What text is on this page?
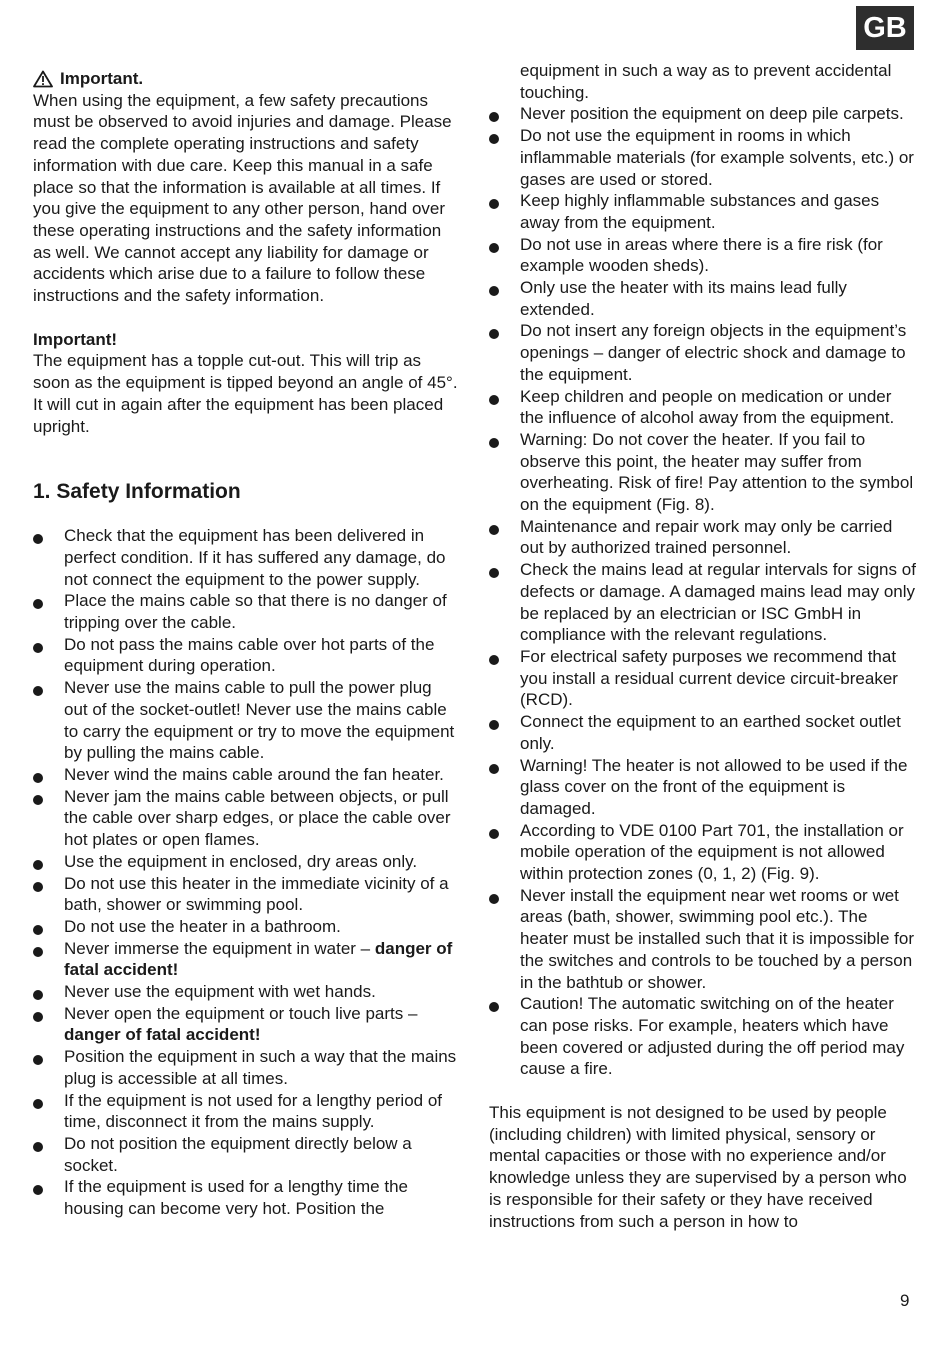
GB
Important.

When using the equipment, a few safety precautions must be observed to avoid injuries and damage. Please read the complete operating instructions and safety information with due care. Keep this manual in a safe place so that the information is available at all times. If you give the equipment to any other person, hand over these operating instructions and the safety information as well. We cannot accept any liability for damage or accidents which arise due to a failure to follow these instructions and the safety information.

Important!

The equipment has a topple cut-out. This will trip as soon as the equipment is tipped beyond an angle of 45°. It will cut in again after the equipment has been placed upright.

1. Safety Information
Check that the equipment has been delivered in perfect condition. If it has suffered any damage, do not connect the equipment to the power supply.
Place the mains cable so that there is no danger of tripping over the cable.
Do not pass the mains cable over hot parts of the equipment during operation.
Never use the mains cable to pull the power plug out of the socket-outlet! Never use the mains cable to carry the equipment or try to move the equipment by pulling the mains cable.
Never wind the mains cable around the fan heater.
Never jam the mains cable between objects, or pull the cable over sharp edges, or place the cable over hot plates or open flames.
Use the equipment in enclosed, dry areas only.
Do not use this heater in the immediate vicinity of a bath, shower or swimming pool.
Do not use the heater in a bathroom.
Never immerse the equipment in water – danger of fatal accident!
Never use the equipment with wet hands.
Never open the equipment or touch live parts – danger of fatal accident!
Position the equipment in such a way that the mains plug is accessible at all times.
If the equipment is not used for a lengthy period of time, disconnect it from the mains supply.
Do not position the equipment directly below a socket.
If the equipment is used for a lengthy time the housing can become very hot. Position the

equipment in such a way as to prevent accidental touching.

Never position the equipment on deep pile carpets.
Do not use the equipment in rooms in which inflammable materials (for example solvents, etc.) or gases are used or stored.
Keep highly inflammable substances and gases away from the equipment.
Do not use in areas where there is a fire risk (for example wooden sheds).
Only use the heater with its mains lead fully extended.
Do not insert any foreign objects in the equipment’s openings – danger of electric shock and damage to the equipment.
Keep children and people on medication or under the influence of alcohol away from the equipment.
Warning: Do not cover the heater. If you fail to observe this point, the heater may suffer from overheating. Risk of fire! Pay attention to the symbol on the equipment (Fig. 8).
Maintenance and repair work may only be carried out by authorized trained personnel.
Check the mains lead at regular intervals for signs of defects or damage. A damaged mains lead may only be replaced by an electrician or ISC GmbH in compliance with the relevant regulations.
For electrical safety purposes we recommend that you install a residual current device circuit-breaker (RCD).
Connect the equipment to an earthed socket outlet only.
Warning! The heater is not allowed to be used if the glass cover on the front of the equipment is damaged.
According to VDE 0100 Part 701, the installation or mobile operation of the equipment is not allowed within protection zones (0, 1, 2) (Fig. 9).
Never install the equipment near wet rooms or wet areas (bath, shower, swimming pool etc.). The heater must be installed such that it is impossible for the switches and controls to be touched by a person in the bathtub or shower.
Caution! The automatic switching on of the heater can pose risks. For example, heaters which have been covered or adjusted during the off period may cause a fire.

This equipment is not designed to be used by people (including children) with limited physical, sensory or mental capacities or those with no experience and/or knowledge unless they are supervised by a person who is responsible for their safety or they have received instructions from such a person in how to

9
